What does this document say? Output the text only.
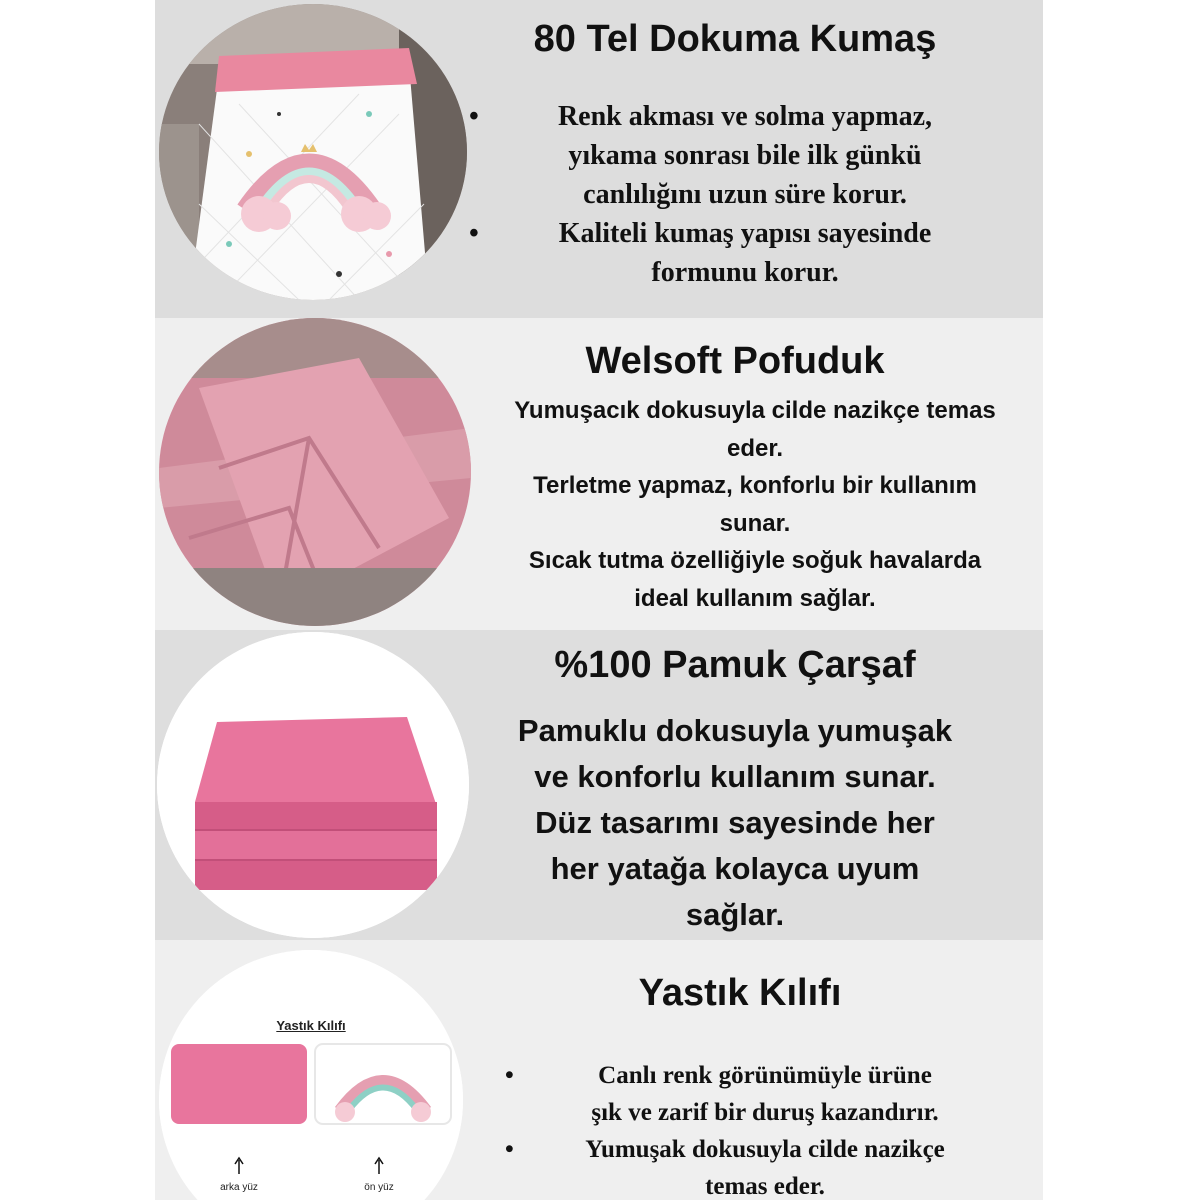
80 Tel Dokuma Kumaş
•	Renk akması ve solma yapmaz,
yıkama sonrası bile ilk günkü
canlılığını uzun süre korur.
•	Kaliteli kumaş yapısı sayesinde
formunu korur.
Welsoft Pofuduk
Yumuşacık dokusuyla cilde nazikçe temas
eder.
Terletme yapmaz, konforlu bir kullanım
sunar.
Sıcak tutma özelliğiyle soğuk havalarda
ideal kullanım sağlar.
%100 Pamuk Çarşaf
Pamuklu dokusuyla yumuşak
ve konforlu kullanım sunar.
Düz tasarımı sayesinde her
her yatağa kolayca uyum
sağlar.
Yastık Kılıfı
arka yüz	ön yüz
Yastık Kılıfı
•	Canlı renk görünümüyle ürüne
şık ve zarif bir duruş kazandırır.
•	Yumuşak dokusuyla cilde nazikçe
temas eder.
